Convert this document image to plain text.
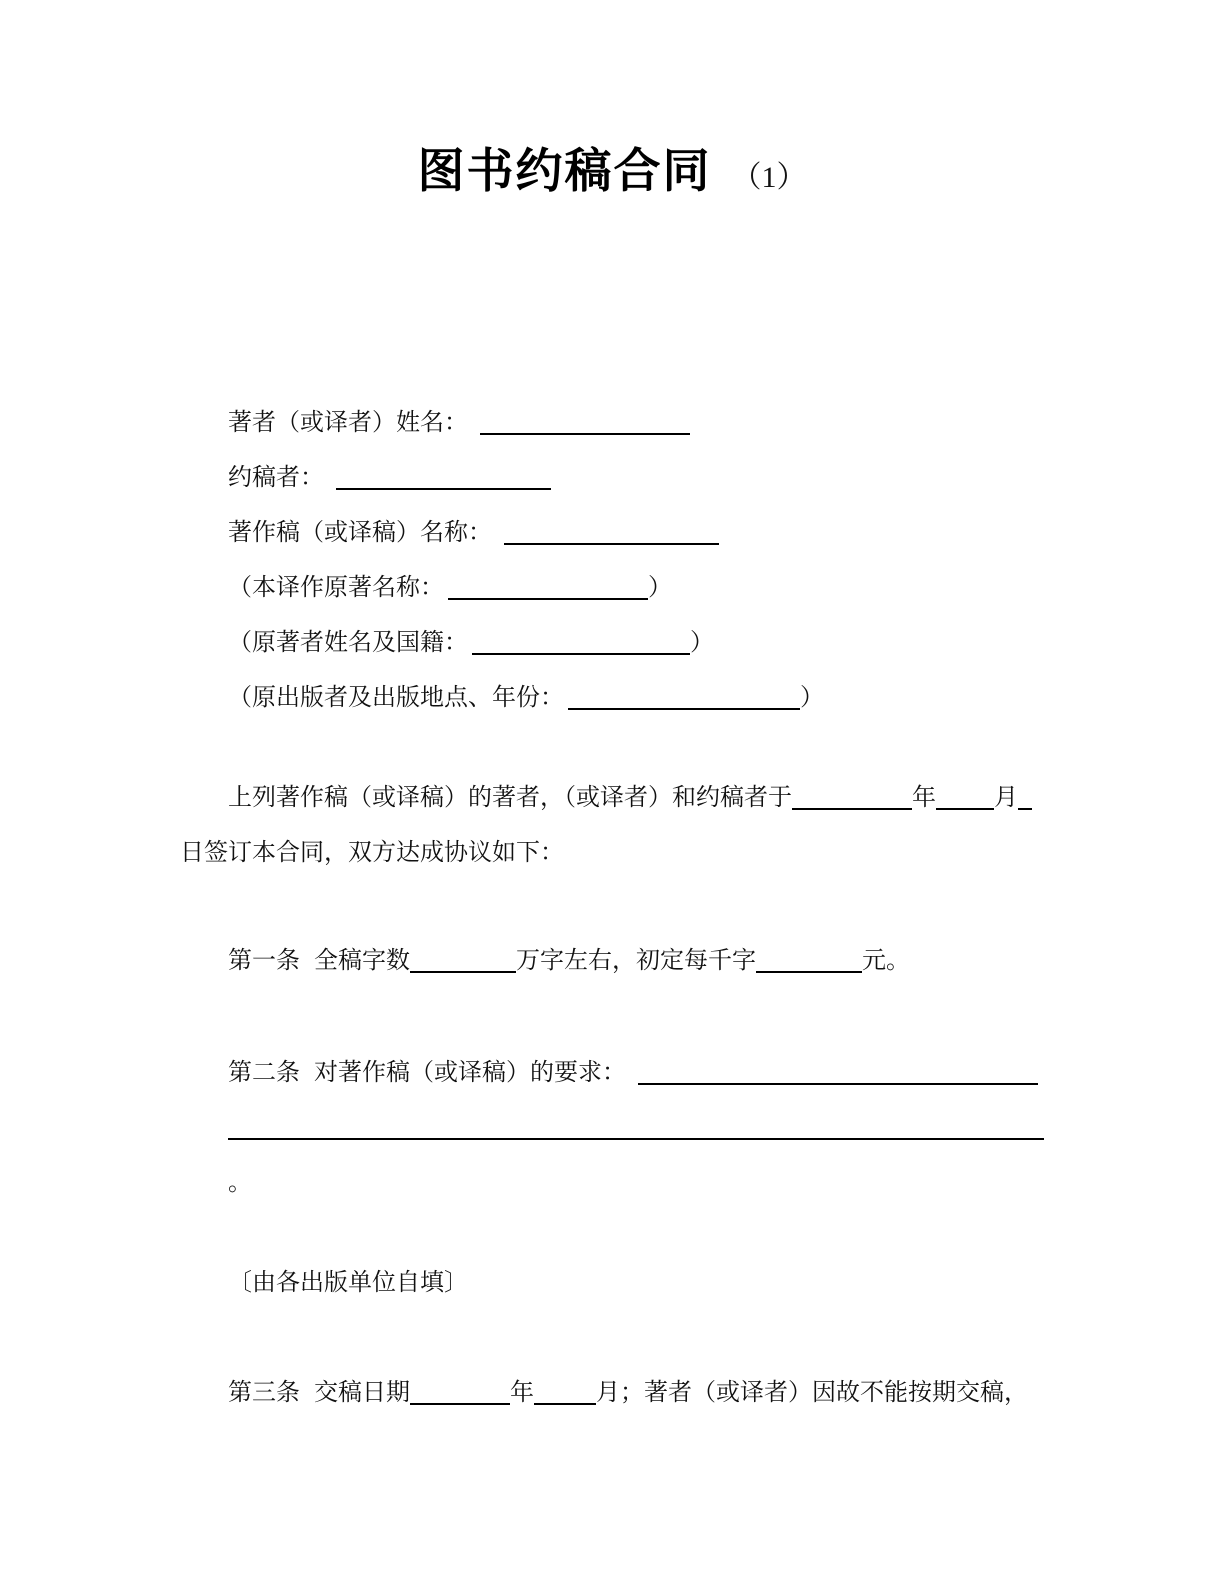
图书约稿合同 （1）
著者（或译者）姓名：
约稿者：
著作稿（或译稿）名称：
（本译作原著名称：	）
（原著者姓名及国籍：	）
（原出版者及出版地点、年份：	）
上列著作稿（或译稿）的著者，（或译者）和约稿者于	年 月
日签订本合同，双方达成协议如下：
第一条 全稿字数	万字左右，初定每千字	元。
第二条 对著作稿（或译稿）的要求：
。
〔由各出版单位自填〕
第三条 交稿日期	年	月；著者（或译者）因故不能按期交稿，
